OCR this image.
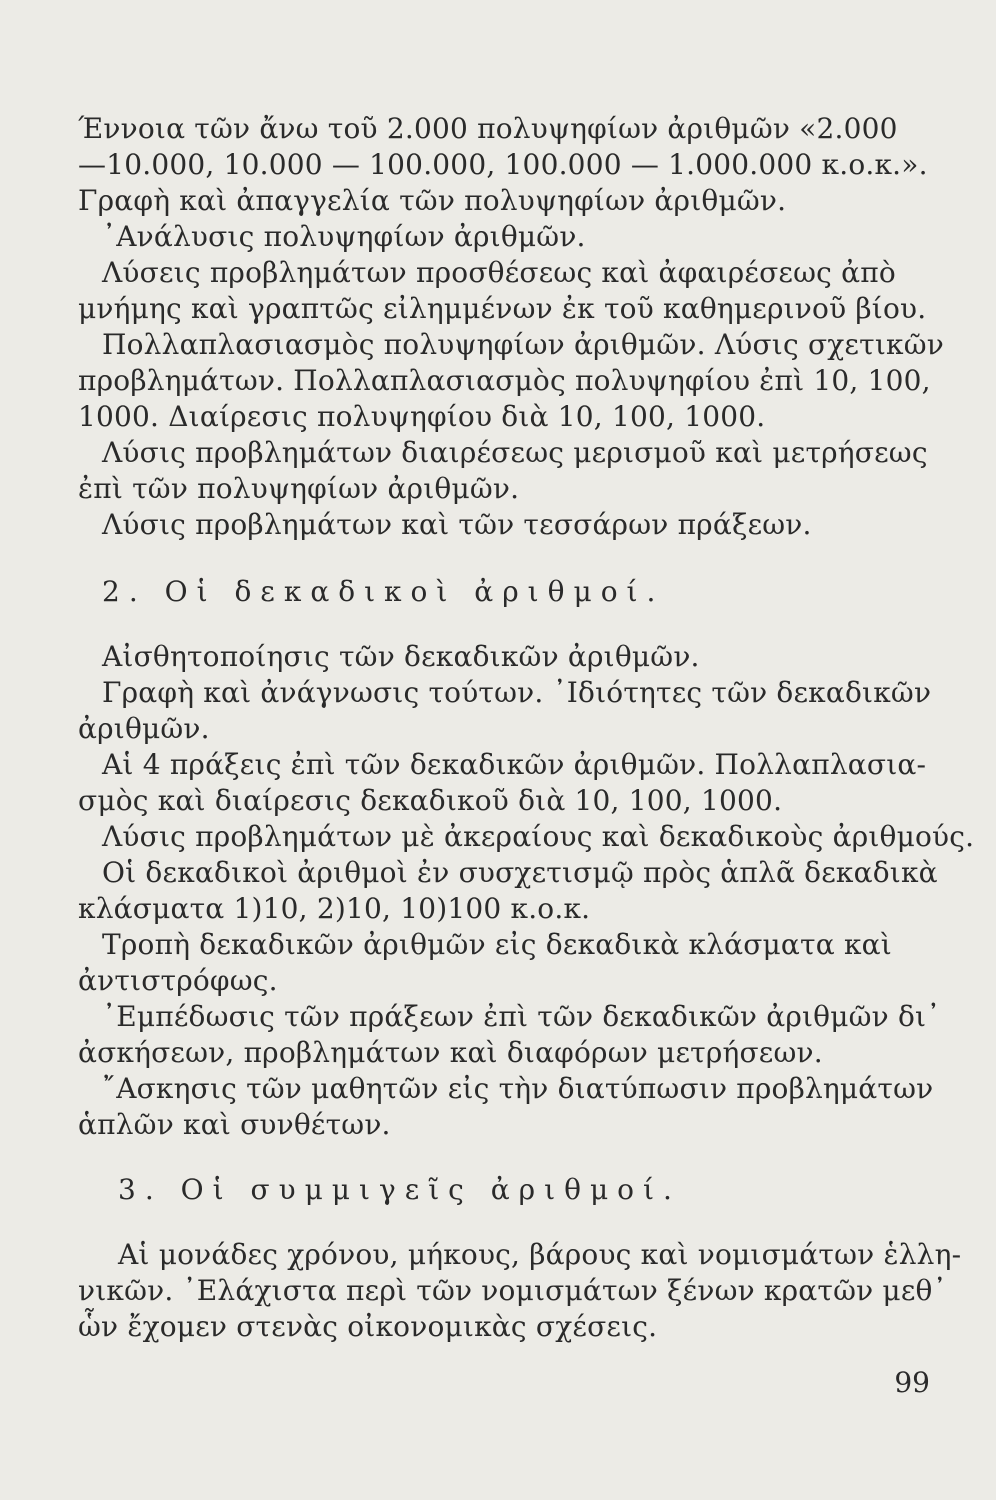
Έννοια τῶν ἄνω τοῦ 2.000 πολυψηφίων ἀριθμῶν «2.000
—10.000, 10.000 — 100.000, 100.000 — 1.000.000 κ.ο.κ.».
Γραφὴ καὶ ἀπαγγελία τῶν πολυψηφίων ἀριθμῶν.
᾿Ανάλυσις πολυψηφίων ἀριθμῶν.
Λύσεις προβλημάτων προσθέσεως καὶ ἀφαιρέσεως ἀπὸ
μνήμης καὶ γραπτῶς εἰλημμένων ἐκ τοῦ καθημερινοῦ βίου.
Πολλαπλασιασμὸς πολυψηφίων ἀριθμῶν. Λύσις σχετικῶν
προβλημάτων. Πολλαπλασιασμὸς πολυψηφίου ἐπὶ 10, 100,
1000. Διαίρεσις πολυψηφίου διὰ 10, 100, 1000.
Λύσις προβλημάτων διαιρέσεως μερισμοῦ καὶ μετρήσεως
ἐπὶ τῶν πολυψηφίων ἀριθμῶν.
Λύσις προβλημάτων καὶ τῶν τεσσάρων πράξεων.
2. Οἱ δεκαδικοὶ ἀριθμοί.
Αἰσθητοποίησις τῶν δεκαδικῶν ἀριθμῶν.
Γραφὴ καὶ ἀνάγνωσις τούτων. ᾿Ιδιότητες τῶν δεκαδικῶν
ἀριθμῶν.
Αἱ 4 πράξεις ἐπὶ τῶν δεκαδικῶν ἀριθμῶν. Πολλαπλασια-
σμὸς καὶ διαίρεσις δεκαδικοῦ διὰ 10, 100, 1000.
Λύσις προβλημάτων μὲ ἀκεραίους καὶ δεκαδικοὺς ἀριθμούς.
Οἱ δεκαδικοὶ ἀριθμοὶ ἐν συσχετισμῷ πρὸς ἁπλᾶ δεκαδικὰ
κλάσματα 1)10, 2)10, 10)100 κ.ο.κ.
Τροπὴ δεκαδικῶν ἀριθμῶν εἰς δεκαδικὰ κλάσματα καὶ
ἀντιστρόφως.
᾿Εμπέδωσις τῶν πράξεων ἐπὶ τῶν δεκαδικῶν ἀριθμῶν δι᾿
ἀσκήσεων, προβλημάτων καὶ διαφόρων μετρήσεων.
῎Ασκησις τῶν μαθητῶν εἰς τὴν διατύπωσιν προβλημάτων
ἁπλῶν καὶ συνθέτων.
3. Οἱ συμμιγεῖς ἀριθμοί.
Αἱ μονάδες χρόνου, μήκους, βάρους καὶ νομισμάτων ἑλλη-
νικῶν. ᾿Ελάχιστα περὶ τῶν νομισμάτων ξένων κρατῶν μεθ᾿
ὧν ἔχομεν στενὰς οἰκονομικὰς σχέσεις.
99
